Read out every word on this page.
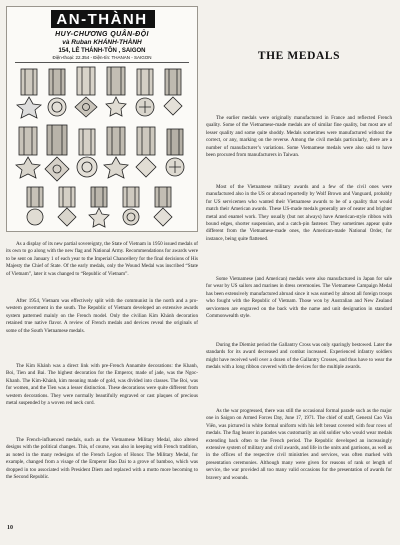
AN-THÀNH
HUY-CHƯƠNG QUÂN-ĐỘI
và Ruban KHÁNH-THÀNH
154, LÊ THÁNH-TÔN , SAIGON
Điện-thoại: 22.354 - Điện-tín: THANAN - SAIGON

As a display of its new partial sovereignty, the State of Vietnam in 1950 issued medals of its own to go along with the new flag and National Army. Recommendations for awards were to be sent on January 1 of each year to the Imperial Chancellery for the final decisions of His Majesty the Chief of State. Of the early medals, only the Wound Medal was inscribed “State of Vietnam”, later it was changed to “Republic of Vietnam”.

After 1954, Vietnam was effectively split with the communist in the north and a pro-western government in the south. The Republic of Vietnam developed an extensive awards system patterned mainly on the French model. Only the civilian Kim Khánh decoration retained true native flavor. A review of French medals and devices reveal the originals of some of the South Vietnamese medals.

The Kim Khánh was a direct link with pre-French Annamite decorations: the Khanh, Boi, Tien and Bai. The highest decoration for the Emperor, made of jade, was the Ngoc-Khanh. The Kim-Khánh, kim meaning made of gold, was divided into classes. The Boi, was for women, and the Tien was a lesser distinction. These decorations were quite different from western decorations. They were normally beautifully engraved or cast plaques of precious metal suspended by a woven red neck cord.

The French-influenced medals, such as the Vietnamese Military Medal, also altered designs with the political changes. This, of course, was also in keeping with French tradition, as noted in the many redesigns of the French Legion of Honor. The Military Medal, for example, changed from a visage of the Emperor Bao Dai to a grove of bamboo, which was dropped in too associated with President Diem and replaced with a motto more becoming to the Second Republic.

10
THE MEDALS

The earlier medals were originally manufactured in France and reflected French quality. Some of the Vietnamese-made medals are of similar fine quality, but most are of lesser quality and some quite shoddy. Medals sometimes were manufactured without the correct, or any, marking on the reverse. Among the civil medals particularly, there are a number of manufacturer’s variations. Some Vietnamese medals were also said to have been procured from manufacturers in Taiwan.

Most of the Vietnamese military awards and a few of the civil ones were manufactured also in the US or abroad reportedly by Wolf Brown and Vanguard, probably for US servicemen who wanted their Vietnamese awards to be of a quality that would match their American awards. These US-made medals generally are of neater and brighter metal and enamel work. They usually (but not always) have American-style ribbon with bound edges, shorter suspension, and a catch-pin fastener. They sometimes appear quite different from the Vietnamese-made ones, the American-made National Order, for instance, being quite flattened.

Some Vietnamese (and American) medals were also manufactured in Japan for sale for wear by US sailors and marines in dress ceremonies. The Vietnamese Campaign Medal has been extensively manufactured abroad since it was earned by almost all foreign troops who fought with the Republic of Vietnam. Those won by Australian and New Zealand servicemen are engraved on the back with the name and unit designation in standard Commonwealth style.

During the Diemist period the Gallantry Cross was only sparingly bestowed. Later the standards for its award decreased and combat increased. Experienced infantry soldiers might have received well over a dozen of the Gallantry Crosses, and thus have to wear the medals with a long ribbon covered with the devices for the multiple awards.

As the war progressed, there was still the occasional formal parade such as the major one in Saigon on Armed Forces Day, June 17, 1971. The chief of staff, General Cao Văn Viên, was pictured in white formal uniform with his left breast covered with four rows of medals. The flag bearer in parades was customarily an old soldier who would wear medals extending back often to the French period. The Republic developed an increasingly extensive system of military and civil awards, and life in the units and garrisons, as well as in the offices of the respective civil ministries and services, was often marked with presentation ceremonies. Although many were given for reasons of rank or length of service, the war provided all too many valid occasions for the presentation of awards for bravery and wounds.
